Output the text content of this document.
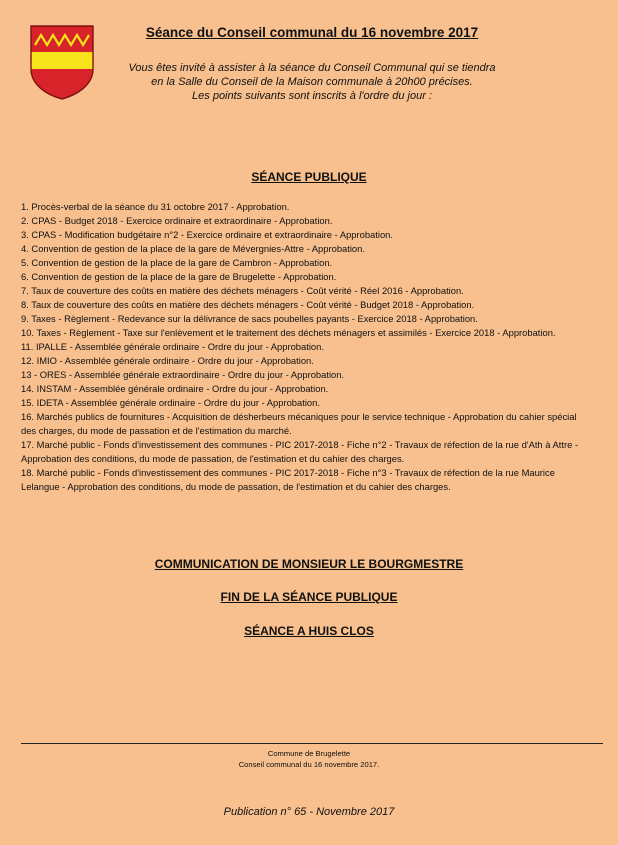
Séance du Conseil communal du 16 novembre 2017
Vous êtes invité à assister à la séance du Conseil Communal qui se tiendra
en la Salle du Conseil de la Maison communale à 20h00 précises.
Les points suivants sont inscrits à l'ordre du jour :
SÉANCE PUBLIQUE
1. Procès-verbal de la séance du 31 octobre 2017 - Approbation.
2. CPAS - Budget 2018 - Exercice ordinaire et extraordinaire - Approbation.
3. CPAS - Modification budgétaire n°2 - Exercice ordinaire et extraordinaire - Approbation.
4. Convention de gestion de la place de la gare de Mévergnies-Attre - Approbation.
5. Convention de gestion de la place de la gare de Cambron - Approbation.
6. Convention de gestion de la place de la gare de Brugelette - Approbation.
7. Taux de couverture des coûts en matière des déchets ménagers - Coût vérité - Réel 2016 - Approbation.
8. Taux de couverture des coûts en matière des déchets ménagers - Coût vérité - Budget 2018 - Approbation.
9. Taxes - Règlement - Redevance sur la délivrance de sacs poubelles payants - Exercice 2018 - Approbation.
10. Taxes - Règlement - Taxe sur l'enlèvement et le traitement des déchets ménagers et assimilés - Exercice 2018 - Approbation.
11. IPALLE - Assemblée générale ordinaire - Ordre du jour - Approbation.
12. IMIO - Assemblée générale ordinaire - Ordre du jour - Approbation.
13 - ORES - Assemblée générale extraordinaire - Ordre du jour - Approbation.
14. INSTAM - Assemblée générale ordinaire - Ordre du jour - Approbation.
15. IDETA - Assemblée générale ordinaire - Ordre du jour - Approbation.
16. Marchés publics de fournitures - Acquisition de désherbeurs mécaniques pour le service technique - Approbation du cahier spécial des charges, du mode de passation et de l'estimation du marché.
17. Marché public - Fonds d'investissement des communes - PIC 2017-2018 - Fiche n°2 - Travaux de réfection de la rue d'Ath à Attre - Approbation des conditions, du mode de passation, de l'estimation et du cahier des charges.
18. Marché public - Fonds d'investissement des communes - PIC 2017-2018 - Fiche n°3 - Travaux de réfection de la rue Maurice Lelangue - Approbation des conditions, du mode de passation, de l'estimation et du cahier des charges.
COMMUNICATION DE MONSIEUR LE BOURGMESTRE
FIN DE LA SÉANCE PUBLIQUE
SÉANCE A HUIS CLOS
Commune de Brugelette
Conseil communal du 16 novembre 2017.
Publication n° 65 - Novembre 2017
